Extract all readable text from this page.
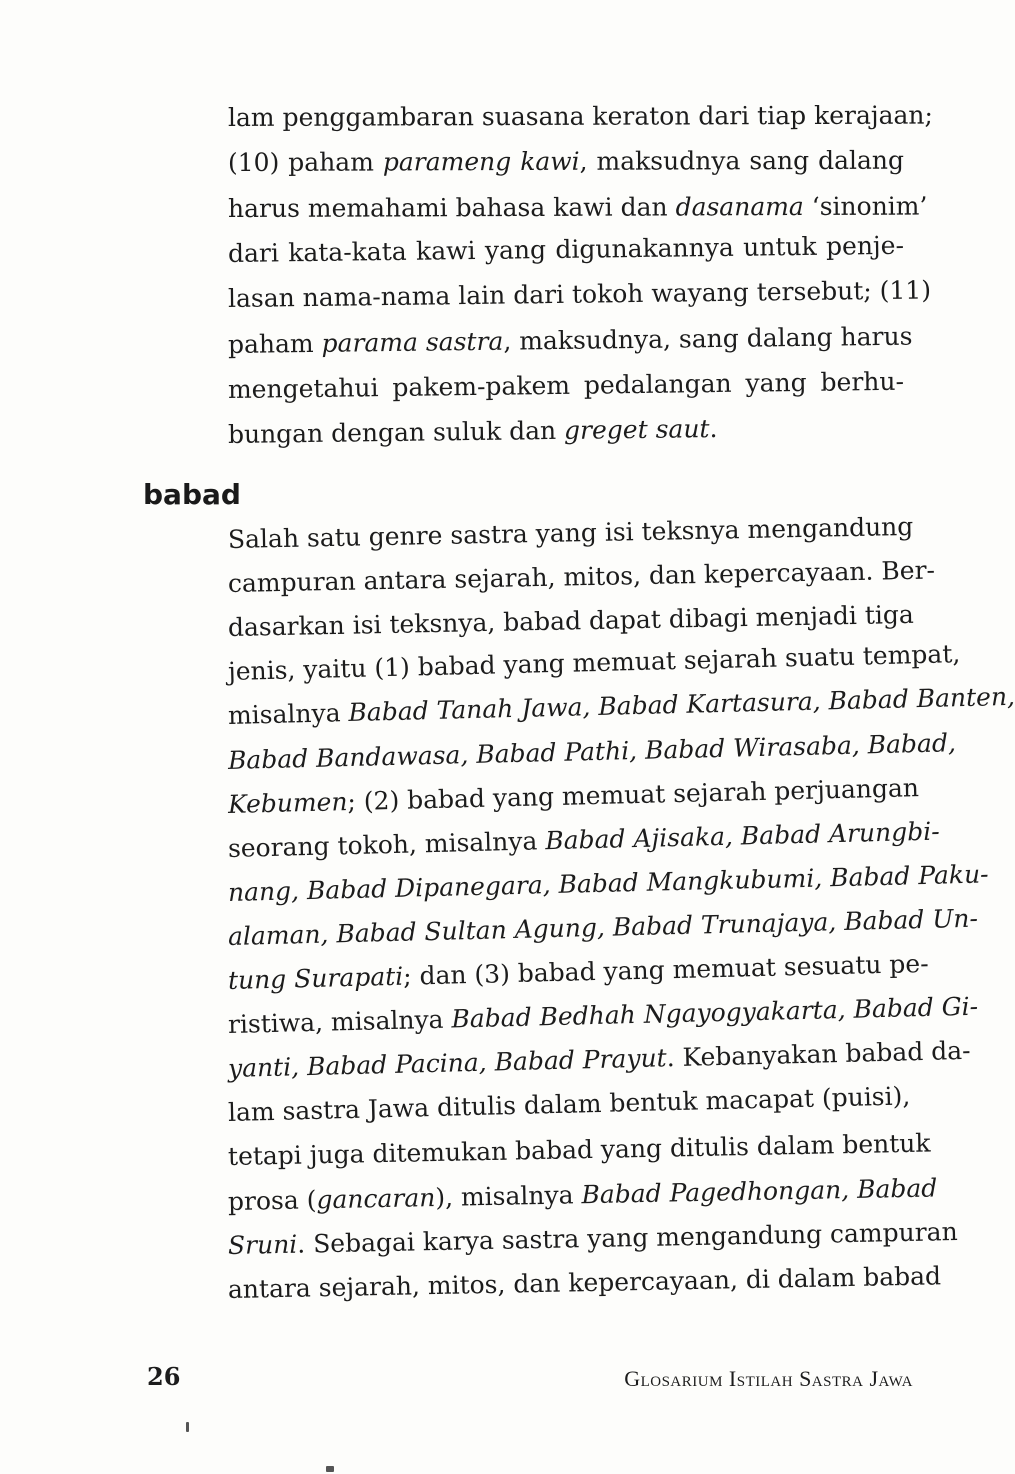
lam penggambaran suasana keraton dari tiap kerajaan;
(10) paham parameng kawi, maksudnya sang dalang
harus memahami bahasa kawi dan dasanama ‘sinonim’
dari kata-kata kawi yang digunakannya untuk penje-
lasan nama-nama lain dari tokoh wayang tersebut; (11)
paham parama sastra, maksudnya, sang dalang harus
mengetahui pakem-pakem pedalangan yang berhu-
bungan dengan suluk dan greget saut.
babad
Salah satu genre sastra yang isi teksnya mengandung
campuran antara sejarah, mitos, dan kepercayaan. Ber-
dasarkan isi teksnya, babad dapat dibagi menjadi tiga
jenis, yaitu (1) babad yang memuat sejarah suatu tempat,
misalnya Babad Tanah Jawa, Babad Kartasura, Babad Banten,
Babad Bandawasa, Babad Pathi, Babad Wirasaba, Babad,
Kebumen; (2) babad yang memuat sejarah perjuangan
seorang tokoh, misalnya Babad Ajisaka, Babad Arungbi-
nang, Babad Dipanegara, Babad Mangkubumi, Babad Paku-
alaman, Babad Sultan Agung, Babad Trunajaya, Babad Un-
tung Surapati; dan (3) babad yang memuat sesuatu pe-
ristiwa, misalnya Babad Bedhah Ngayogyakarta, Babad Gi-
yanti, Babad Pacina, Babad Prayut. Kebanyakan babad da-
lam sastra Jawa ditulis dalam bentuk macapat (puisi),
tetapi juga ditemukan babad yang ditulis dalam bentuk
prosa (gancaran), misalnya Babad Pagedhongan, Babad
Sruni. Sebagai karya sastra yang mengandung campuran
antara sejarah, mitos, dan kepercayaan, di dalam babad
26	Glosarium Istilah Sastra Jawa
